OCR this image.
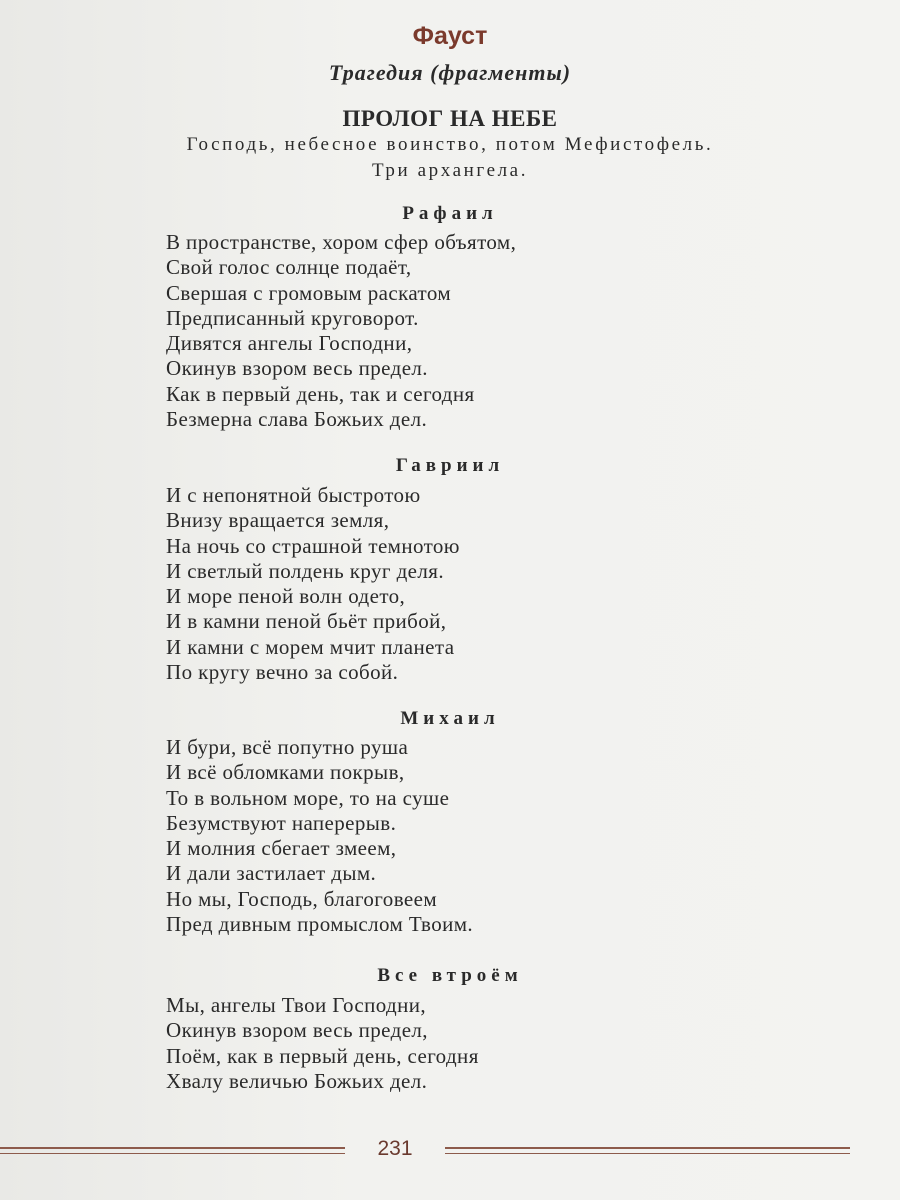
Фауст
Трагедия (фрагменты)
ПРОЛОГ НА НЕБЕ
Господь, небесное воинство, потом Мефистофель.
Три архангела.
Рафаил
В пространстве, хором сфер объятом,
Свой голос солнце подаёт,
Свершая с громовым раскатом
Предписанный круговорот.
Дивятся ангелы Господни,
Окинув взором весь предел.
Как в первый день, так и сегодня
Безмерна слава Божьих дел.
Гавриил
И с непонятной быстротою
Внизу вращается земля,
На ночь со страшной темнотою
И светлый полдень круг деля.
И море пеной волн одето,
И в камни пеной бьёт прибой,
И камни с морем мчит планета
По кругу вечно за собой.
Михаил
И бури, всё попутно руша
И всё обломками покрыв,
То в вольном море, то на суше
Безумствуют наперерыв.
И молния сбегает змеем,
И дали застилает дым.
Но мы, Господь, благоговеем
Пред дивным промыслом Твоим.
Все втроём
Мы, ангелы Твои Господни,
Окинув взором весь предел,
Поём, как в первый день, сегодня
Хвалу величью Божьих дел.
231
